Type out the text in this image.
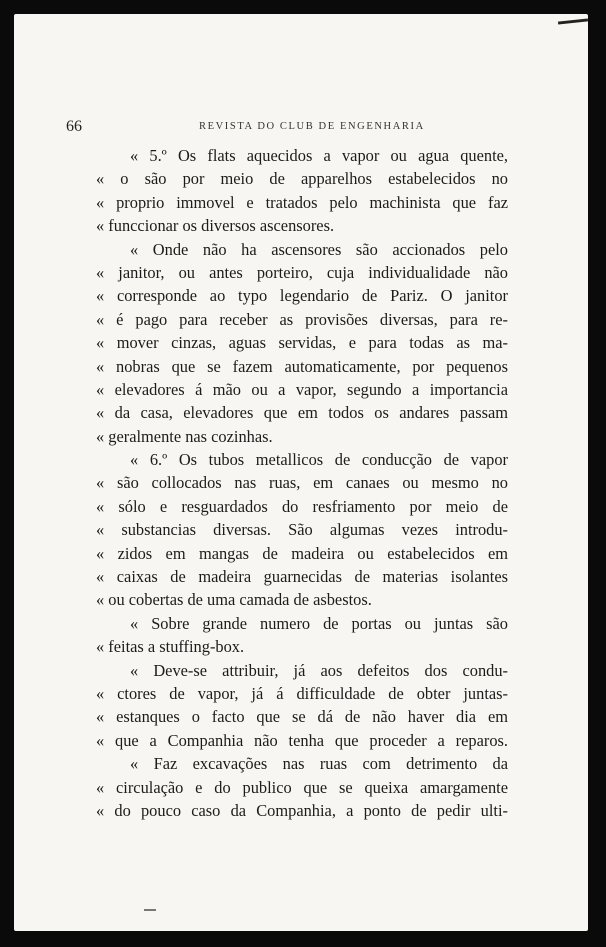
66	REVISTA DO CLUB DE ENGENHARIA
« 5.º Os flats aquecidos a vapor ou agua quente,
« o são por meio de apparelhos estabelecidos no
« proprio immovel e tratados pelo machinista que faz
« funccionar os diversos ascensores.
« Onde não ha ascensores são accionados pelo
« janitor, ou antes porteiro, cuja individualidade não
« corresponde ao typo legendario de Pariz. O janitor
« é pago para receber as provisões diversas, para re-
« mover cinzas, aguas servidas, e para todas as ma-
« nobras que se fazem automaticamente, por pequenos
« elevadores á mão ou a vapor, segundo a importancia
« da casa, elevadores que em todos os andares passam
« geralmente nas cozinhas.
« 6.º Os tubos metallicos de conducção de vapor
« são collocados nas ruas, em canaes ou mesmo no
« sólo e resguardados do resfriamento por meio de
« substancias diversas. São algumas vezes introdu-
« zidos em mangas de madeira ou estabelecidos em
« caixas de madeira guarnecidas de materias isolantes
« ou cobertas de uma camada de asbestos.
« Sobre grande numero de portas ou juntas são
« feitas a stuffing-box.
« Deve-se attribuir, já aos defeitos dos condu-
« ctores de vapor, já á difficuldade de obter juntas-
« estanques o facto que se dá de não haver dia em
« que a Companhia não tenha que proceder a reparos.
« Faz excavações nas ruas com detrimento da
« circulação e do publico que se queixa amargamente
« do pouco caso da Companhia, a ponto de pedir ulti-
